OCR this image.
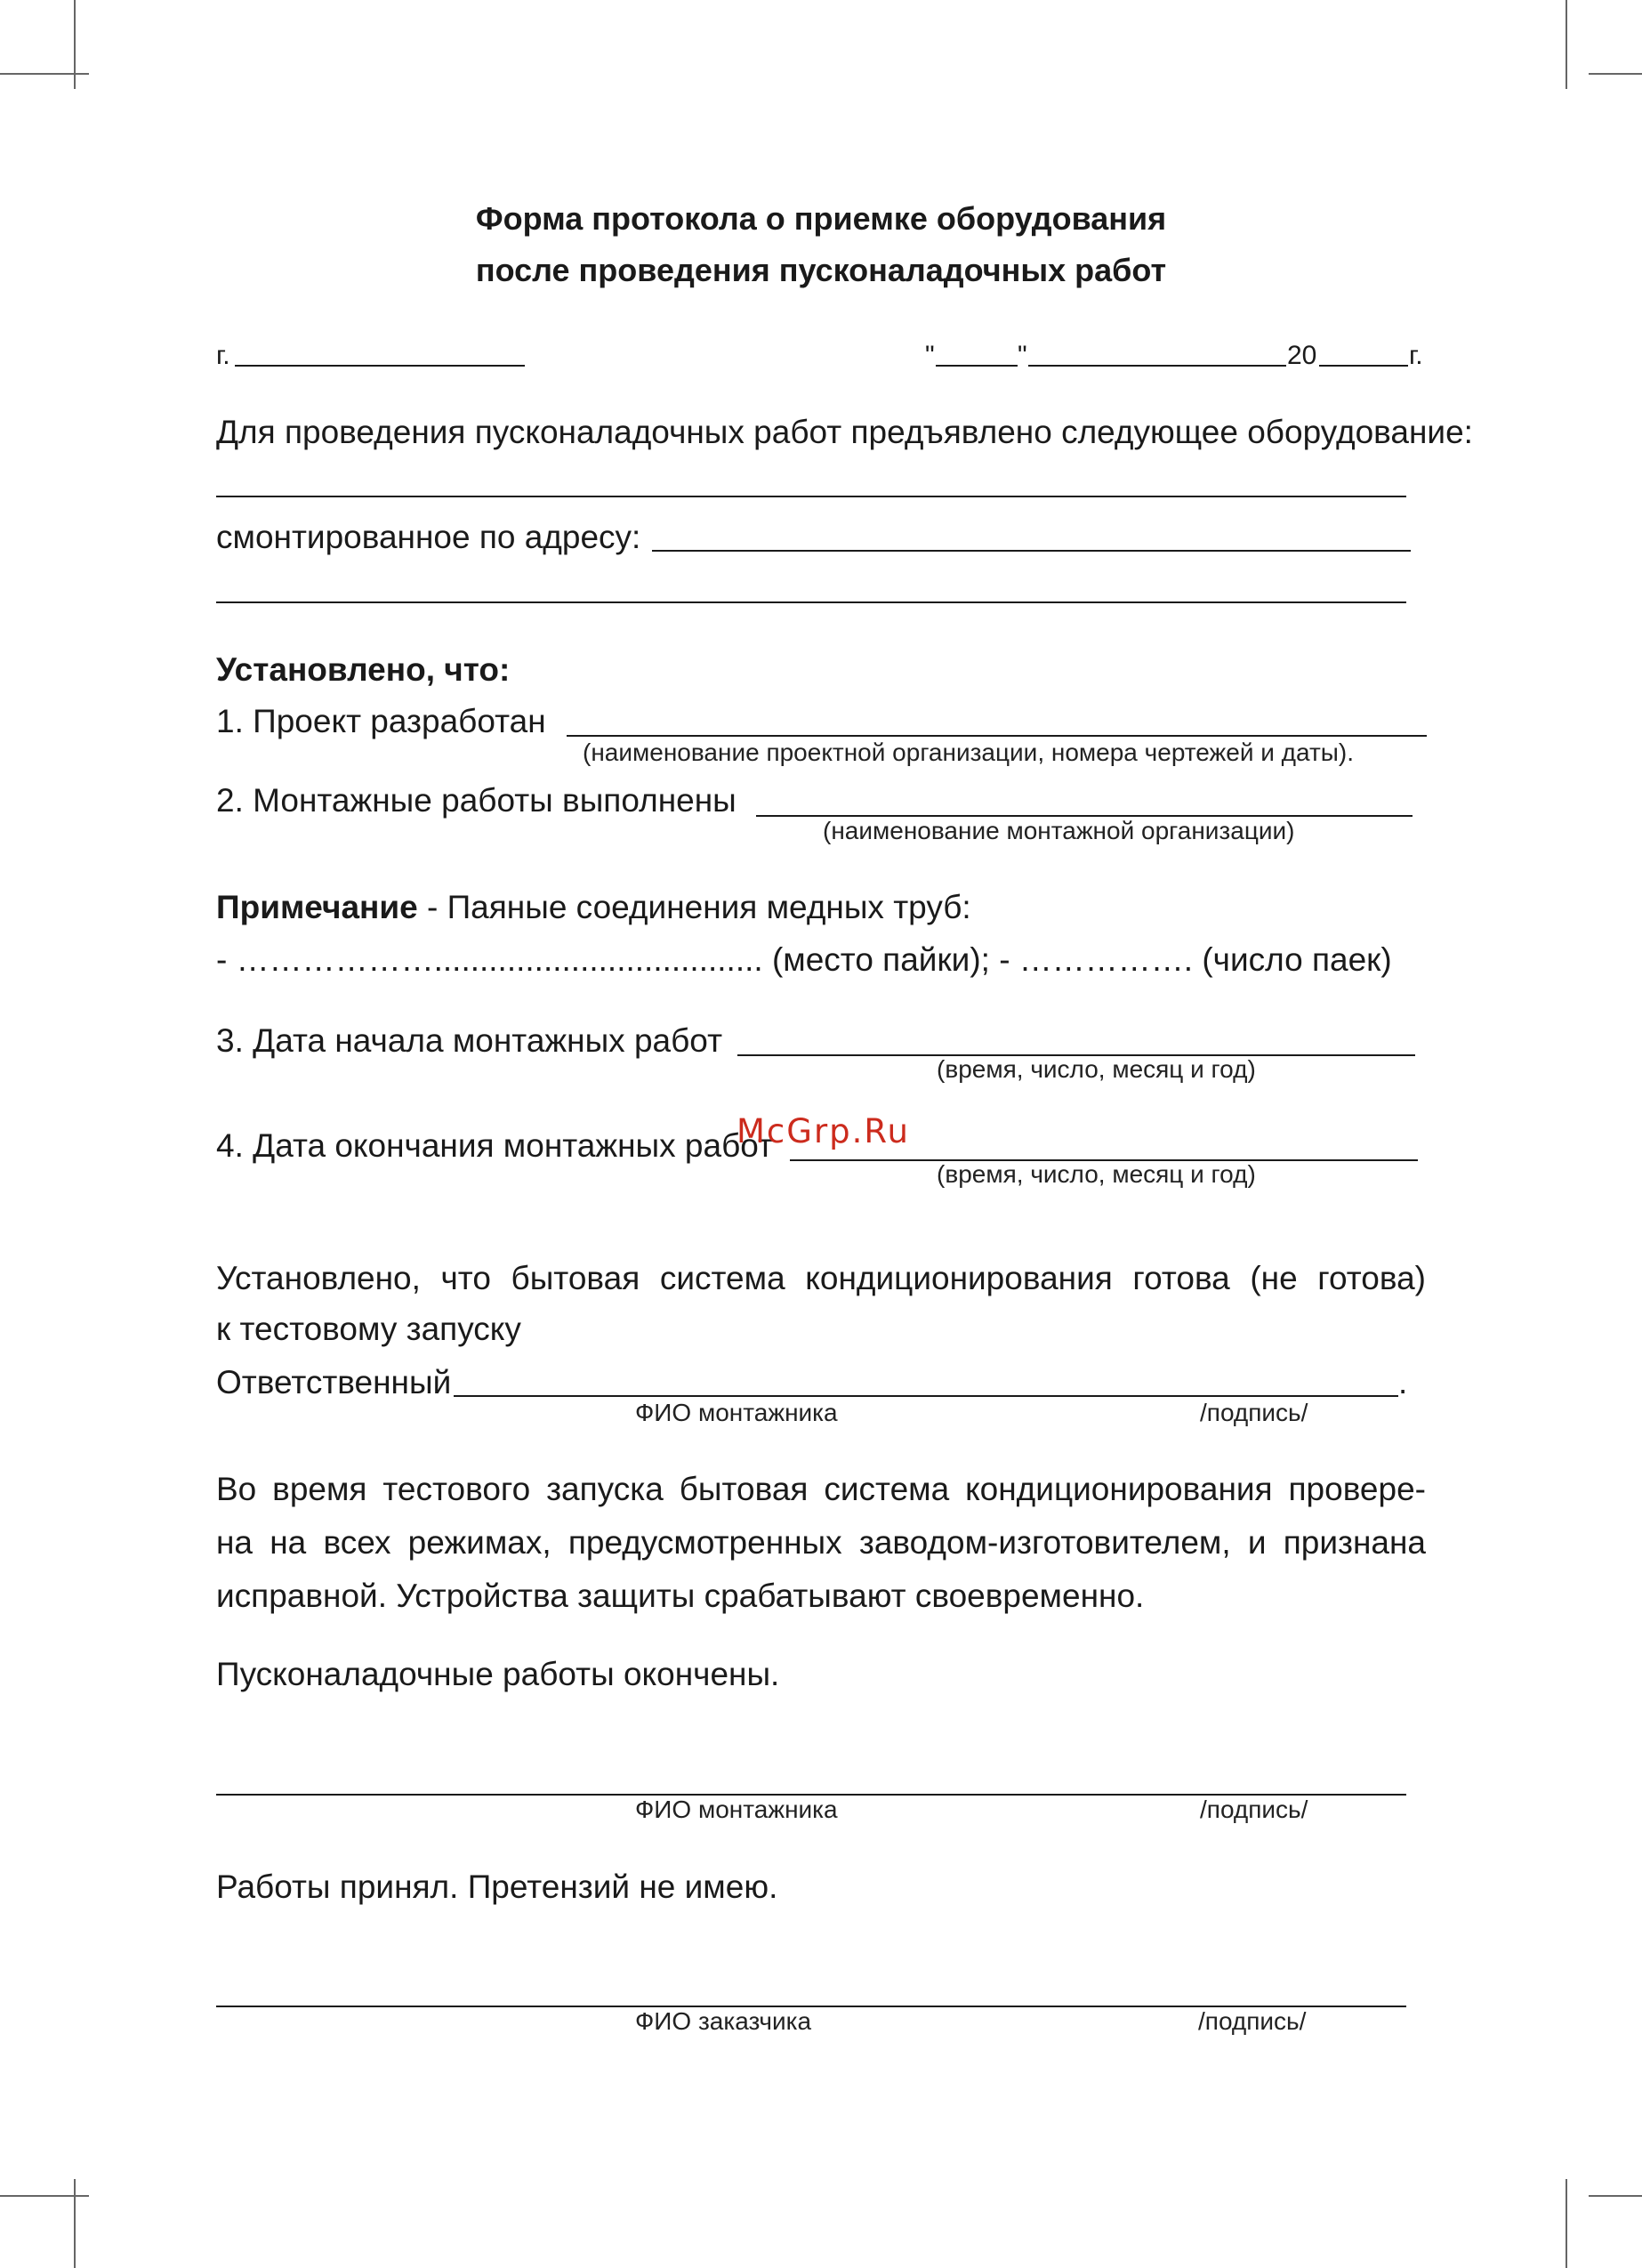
Форма протокола о приемке оборудования
после проведения пусконаладочных работ
г.	"	"	20	г.
Для проведения пусконаладочных работ предъявлено следующее оборудование:
смонтированное по адресу:
Установлено, что:
1. Проект разработан
(наименование проектной организации, номера чертежей и даты).
2. Монтажные работы выполнены
(наименование монтажной организации)
Примечание - Паяные соединения медных труб:
- ……………….................................... (место пайки); - ……………. (число паек)
3. Дата начала монтажных работ
(время, число, месяц и год)
4. Дата окончания монтажных работ
(время, число, месяц и год)
McGrp.Ru
Установлено, что бытовая система кондиционирования готова (не готова)
к тестовому запуску
Ответственный	.
ФИО монтажника	/подпись/
Во время тестового запуска бытовая система кондиционирования провере-
на на всех режимах, предусмотренных заводом-изготовителем, и признана
исправной. Устройства защиты срабатывают своевременно.
Пусконаладочные работы окончены.
ФИО монтажника	/подпись/
Работы принял. Претензий не имею.
ФИО заказчика	/подпись/
